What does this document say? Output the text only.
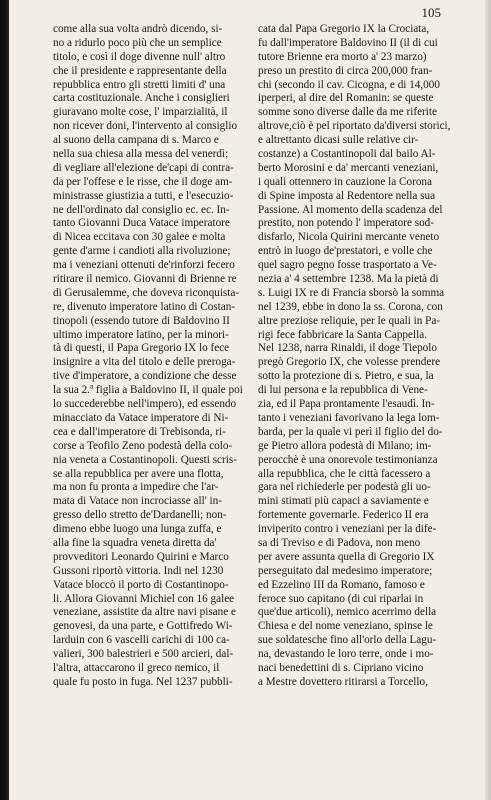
105
come alla sua volta andrò dicendo, si-
no a ridurlo poco più che un semplice
titolo, e così il doge divenne null' altro
che il presidente e rappresentante della
repubblica entro gli stretti limiti d' una
carta costituzionale. Anche i consiglieri
giuravano molte cose, l' imparzialità, il
non ricever doni, l'intervento al consiglio
al suono della campana di s. Marco e
nella sua chiesa alla messa del venerdì;
di vegliare all'elezione de'capi di contra-
da per l'offese e le risse, che il doge am-
ministrasse giustizia a tutti, e l'esecuzio-
ne dell'ordinato dal consiglio ec. ec. In-
tanto Giovanni Duca Vatace imperatore
di Nicea eccitava con 30 galee e molta
gente d'arme i candioti alla rivoluzione;
ma i veneziani ottenuti de'rinforzi fecero
ritirare il nemico. Giovanni di Brienne re
di Gerusalemme, che doveva riconquista-
re, divenuto imperatore latino di Costan-
tinopoli (essendo tutore di Baldovino II
ultimo imperatore latino, per la minori-
tà di questi, il Papa Gregorio IX lo fece
insignire a vita del titolo e delle preroga-
tive d'imperatore, a condizione che desse
la sua 2.ª figlia a Baldovino II, il quale poi
lo succederebbe nell'impero), ed essendo
minacciato da Vatace imperatore di Ni-
cea e dall'imperatore di Trebisonda, ri-
corse a Teofilo Zeno podestà della colo-
nia veneta a Costantinopoli. Questi scris-
se alla repubblica per avere una flotta,
ma non fu pronta a impedire che l'ar-
mata di Vatace non incrociasse all' in-
gresso dello stretto de'Dardanelli; non-
dimeno ebbe luogo una lunga zuffa, e
alla fine la squadra veneta diretta da'
provveditori Leonardo Quirini e Marco
Gussoni riportò vittoria. Indi nel 1230
Vatace bloccò il porto di Costantinopo-
li. Allora Giovanni Michiel con 16 galee
veneziane, assistite da altre navi pisane e
genovesi, da una parte, e Gottifredo Wi-
larduin con 6 vascelli carichi di 100 ca-
valieri, 300 balestrieri e 500 arcieri, dal-
l'altra, attaccarono il greco nemico, il
quale fu posto in fuga. Nel 1237 pubbli-
cata dal Papa Gregorio IX la Crociata,
fu dall'imperatore Baldovino II (il di cui
tutore Brienne era morto a' 23 marzo)
preso un prestito di circa 200,000 fran-
chi (secondo il cav. Cicogna, e di 14,000
iperperi, al dire del Romanin: se queste
somme sono diverse dalle da me riferite
altrove,ciò è pel riportato da'diversi storici,
e altrettanto dicasi sulle relative cir-
costanze) a Costantinopoli dal bailo Al-
berto Morosini e da' mercanti veneziani,
i quali ottennero in cauzione la Corona
di Spine imposta al Redentore nella sua
Passione. Al momento della scadenza del
prestito, non potendo l' imperatore sod-
disfarlo, Nicola Quirini mercante veneto
entrò in luogo de'prestatori, e volle che
quel sagro pegno fosse trasportato a Ve-
nezia a' 4 settembre 1238. Ma la pietà di
s. Luigi IX re di Francia sborsò la somma
nel 1239, ebbe in dono la ss. Corona, con
altre preziose reliquie, per le quali in Pa-
rigi fece fabbricare la Santa Cappella.
Nel 1238, narra Rinaldi, il doge Tiepolo
pregò Gregorio IX, che volesse prendere
sotto la protezione di s. Pietro, e sua, la
di lui persona e la repubblica di Vene-
zia, ed il Papa prontamente l'esaudì. In-
tanto i veneziani favorivano la lega lom-
barda, per la quale vi perì il figlio del do-
ge Pietro allora podestà di Milano; im-
perocchè è una onorevole testimonianza
alla repubblica, che le città facessero a
gara nel richiederle per podestà gli uo-
mini stimati più capaci a saviamente e
fortemente governarle. Federico II era
inviperito contro i veneziani per la dife-
sa di Treviso e di Padova, non meno
per avere assunta quella di Gregorio IX
perseguitato dal medesimo imperatore;
ed Ezzelino III da Romano, famoso e
feroce suo capitano (di cui riparlai in
que'due articoli), nemico acerrimo della
Chiesa e del nome veneziano, spinse le
sue soldatesche fino all'orlo della Lagu-
na, devastando le loro terre, onde i mo-
naci benedettini di s. Cipriano vicino
a Mestre dovettero ritirarsi a Torcello,
